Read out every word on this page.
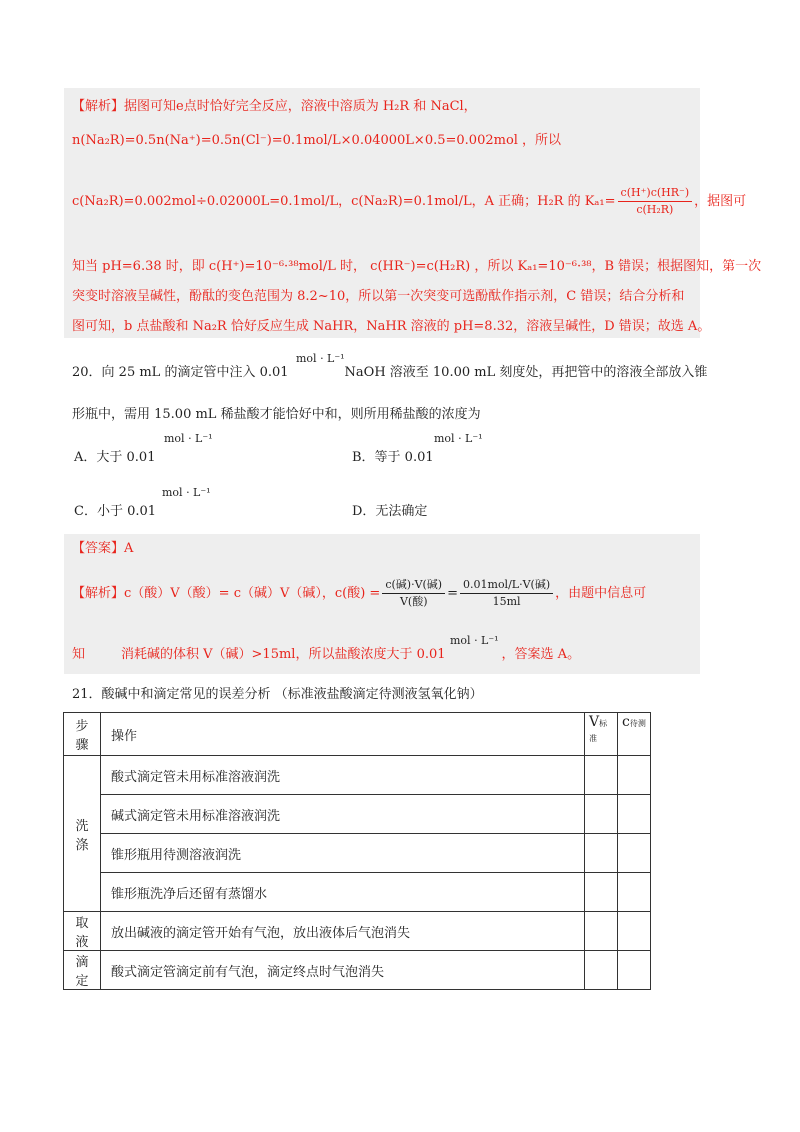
【解析】据图可知e点时恰好完全反应，溶液中溶质为 H₂R 和 NaCl，
n(Na₂R)=0.5n(Na⁺)=0.5n(Cl⁻)=0.1mol/L×0.04000L×0.5=0.002mol ，所以
c(Na₂R)=0.002mol÷0.02000L=0.1mol/L，c(Na₂R)=0.1mol/L，A 正确；H₂R 的 $K_{a1}= \frac{c(H^+)c(HR^-)}{\text{c(H₂R)}}$ ，据图可
知当 pH=6.38 时，即 c(H⁺)=10⁻⁶·³⁸mol/L 时， c(HR⁻)=c(H₂R) ，所以 Kₐ₁=10⁻⁶·³⁸，B 错误；根据图知，第一次
突变时溶液呈碱性，酚酞的变色范围为 8.2~10，所以第一次突变可选酚酞作指示剂，C 错误；结合分析和
图可知，b 点盐酸和 Na₂R 恰好反应生成 NaHR，NaHR 溶液的 pH=8.32，溶液呈碱性，D 错误；故选 A。
mol · L⁻¹
20．向 25 mL 的滴定管中注入 0.01	NaOH 溶液至 10.00 mL 刻度处，再把管中的溶液全部放入锥
形瓶中，需用 15.00 mL 稀盐酸才能恰好中和，则所用稀盐酸的浓度为
mol · L⁻¹
A．大于 0.01
mol · L⁻¹
B．等于 0.01
mol · L⁻¹
C．小于 0.01	D．无法确定
【答案】A
【解析】c（酸）V（酸）= c（碱）V（碱），c(酸) = $\frac{\text{c(碱)·V(碱)}}{\text{V(酸)}} = \frac{\text{0.01mol/L·V(碱)}}{15ml}$ ，由题中信息可
mol · L⁻¹
知	消耗碱的体积 V（碱）>15ml，所以盐酸浓度大于 0.01	，答案选 A。
21．酸碱中和滴定常见的误差分析 （标准液盐酸滴定待测液氢氧化钠）
步骤	操作	V标准	c待测
洗涤	酸式滴定管未用标准溶液润洗		
	碱式滴定管未用标准溶液润洗		
	锥形瓶用待测溶液润洗		
	锥形瓶洗净后还留有蒸馏水		
取液	放出碱液的滴定管开始有气泡，放出液体后气泡消失		
滴定	酸式滴定管滴定前有气泡，滴定终点时气泡消失		
